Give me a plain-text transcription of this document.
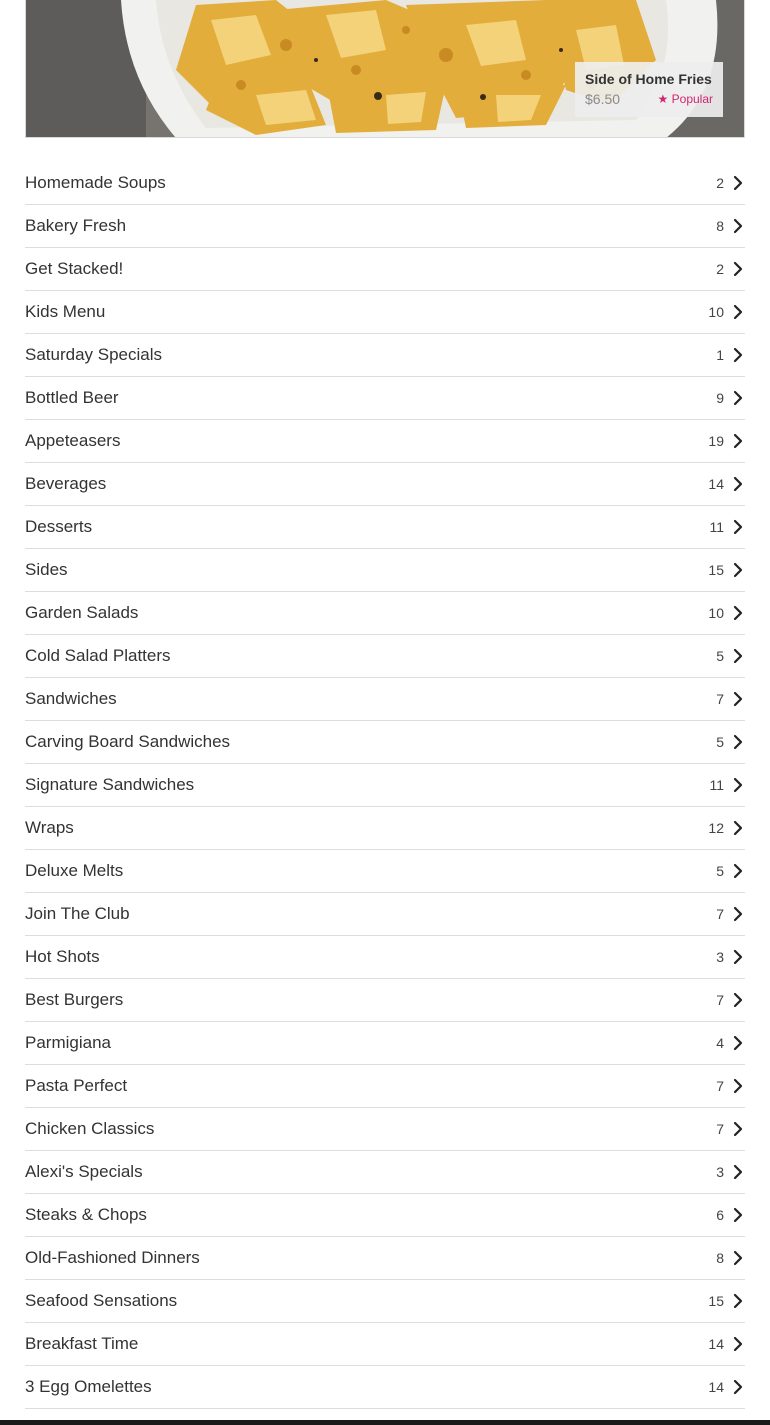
Side of Home Fries
$6.50	★ Popular
Homemade Soups	2
Bakery Fresh	8
Get Stacked!	2
Kids Menu	10
Saturday Specials	1
Bottled Beer	9
Appeteasers	19
Beverages	14
Desserts	11
Sides	15
Garden Salads	10
Cold Salad Platters	5
Sandwiches	7
Carving Board Sandwiches	5
Signature Sandwiches	11
Wraps	12
Deluxe Melts	5
Join The Club	7
Hot Shots	3
Best Burgers	7
Parmigiana	4
Pasta Perfect	7
Chicken Classics	7
Alexi's Specials	3
Steaks & Chops	6
Old-Fashioned Dinners	8
Seafood Sensations	15
Breakfast Time	14
3 Egg Omelettes	14
